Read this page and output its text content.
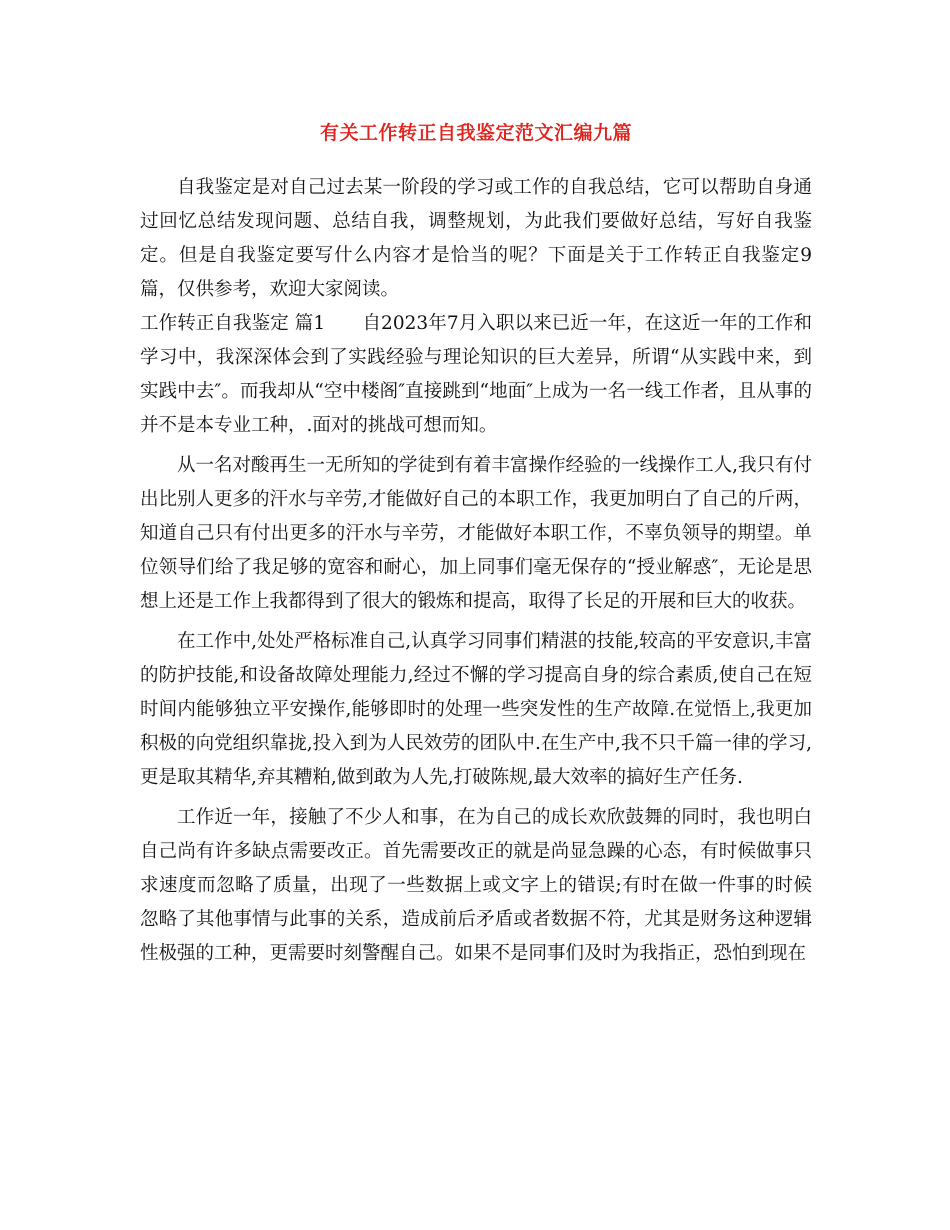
有关工作转正自我鉴定范文汇编九篇

自我鉴定是对自己过去某一阶段的学习或工作的自我总结，它可以帮助自身通过回忆总结发现问题、总结自我，调整规划，为此我们要做好总结，写好自我鉴定。但是自我鉴定要写什么内容才是恰当的呢？下面是关于工作转正自我鉴定9篇，仅供参考，欢迎大家阅读。

工作转正自我鉴定 篇1　　自2023年7月入职以来已近一年，在这近一年的工作和学习中，我深深体会到了实践经验与理论知识的巨大差异，所谓“从实践中来，到实践中去″。而我却从“空中楼阁″直接跳到“地面″上成为一名一线工作者，且从事的并不是本专业工种，.面对的挑战可想而知。

从一名对酸再生一无所知的学徒到有着丰富操作经验的一线操作工人,我只有付出比别人更多的汗水与辛劳,才能做好自己的本职工作，我更加明白了自己的斤两，知道自己只有付出更多的汗水与辛劳，才能做好本职工作，不辜负领导的期望。单位领导们给了我足够的宽容和耐心，加上同事们毫无保存的“授业解惑″，无论是思想上还是工作上我都得到了很大的锻炼和提高，取得了长足的开展和巨大的收获。

在工作中,处处严格标准自己,认真学习同事们精湛的技能,较高的平安意识,丰富的防护技能,和设备故障处理能力,经过不懈的学习提高自身的综合素质,使自己在短时间内能够独立平安操作,能够即时的处理一些突发性的生产故障.在觉悟上,我更加积极的向党组织靠拢,投入到为人民效劳的团队中.在生产中,我不只千篇一律的学习,更是取其精华,弃其糟粕,做到敢为人先,打破陈规,最大效率的搞好生产任务.

工作近一年，接触了不少人和事，在为自己的成长欢欣鼓舞的同时，我也明白自己尚有许多缺点需要改正。首先需要改正的就是尚显急躁的心态，有时候做事只求速度而忽略了质量，出现了一些数据上或文字上的错误;有时在做一件事的时候忽略了其他事情与此事的关系，造成前后矛盾或者数据不符，尤其是财务这种逻辑性极强的工种，更需要时刻警醒自己。如果不是同事们及时为我指正，恐怕到现在
